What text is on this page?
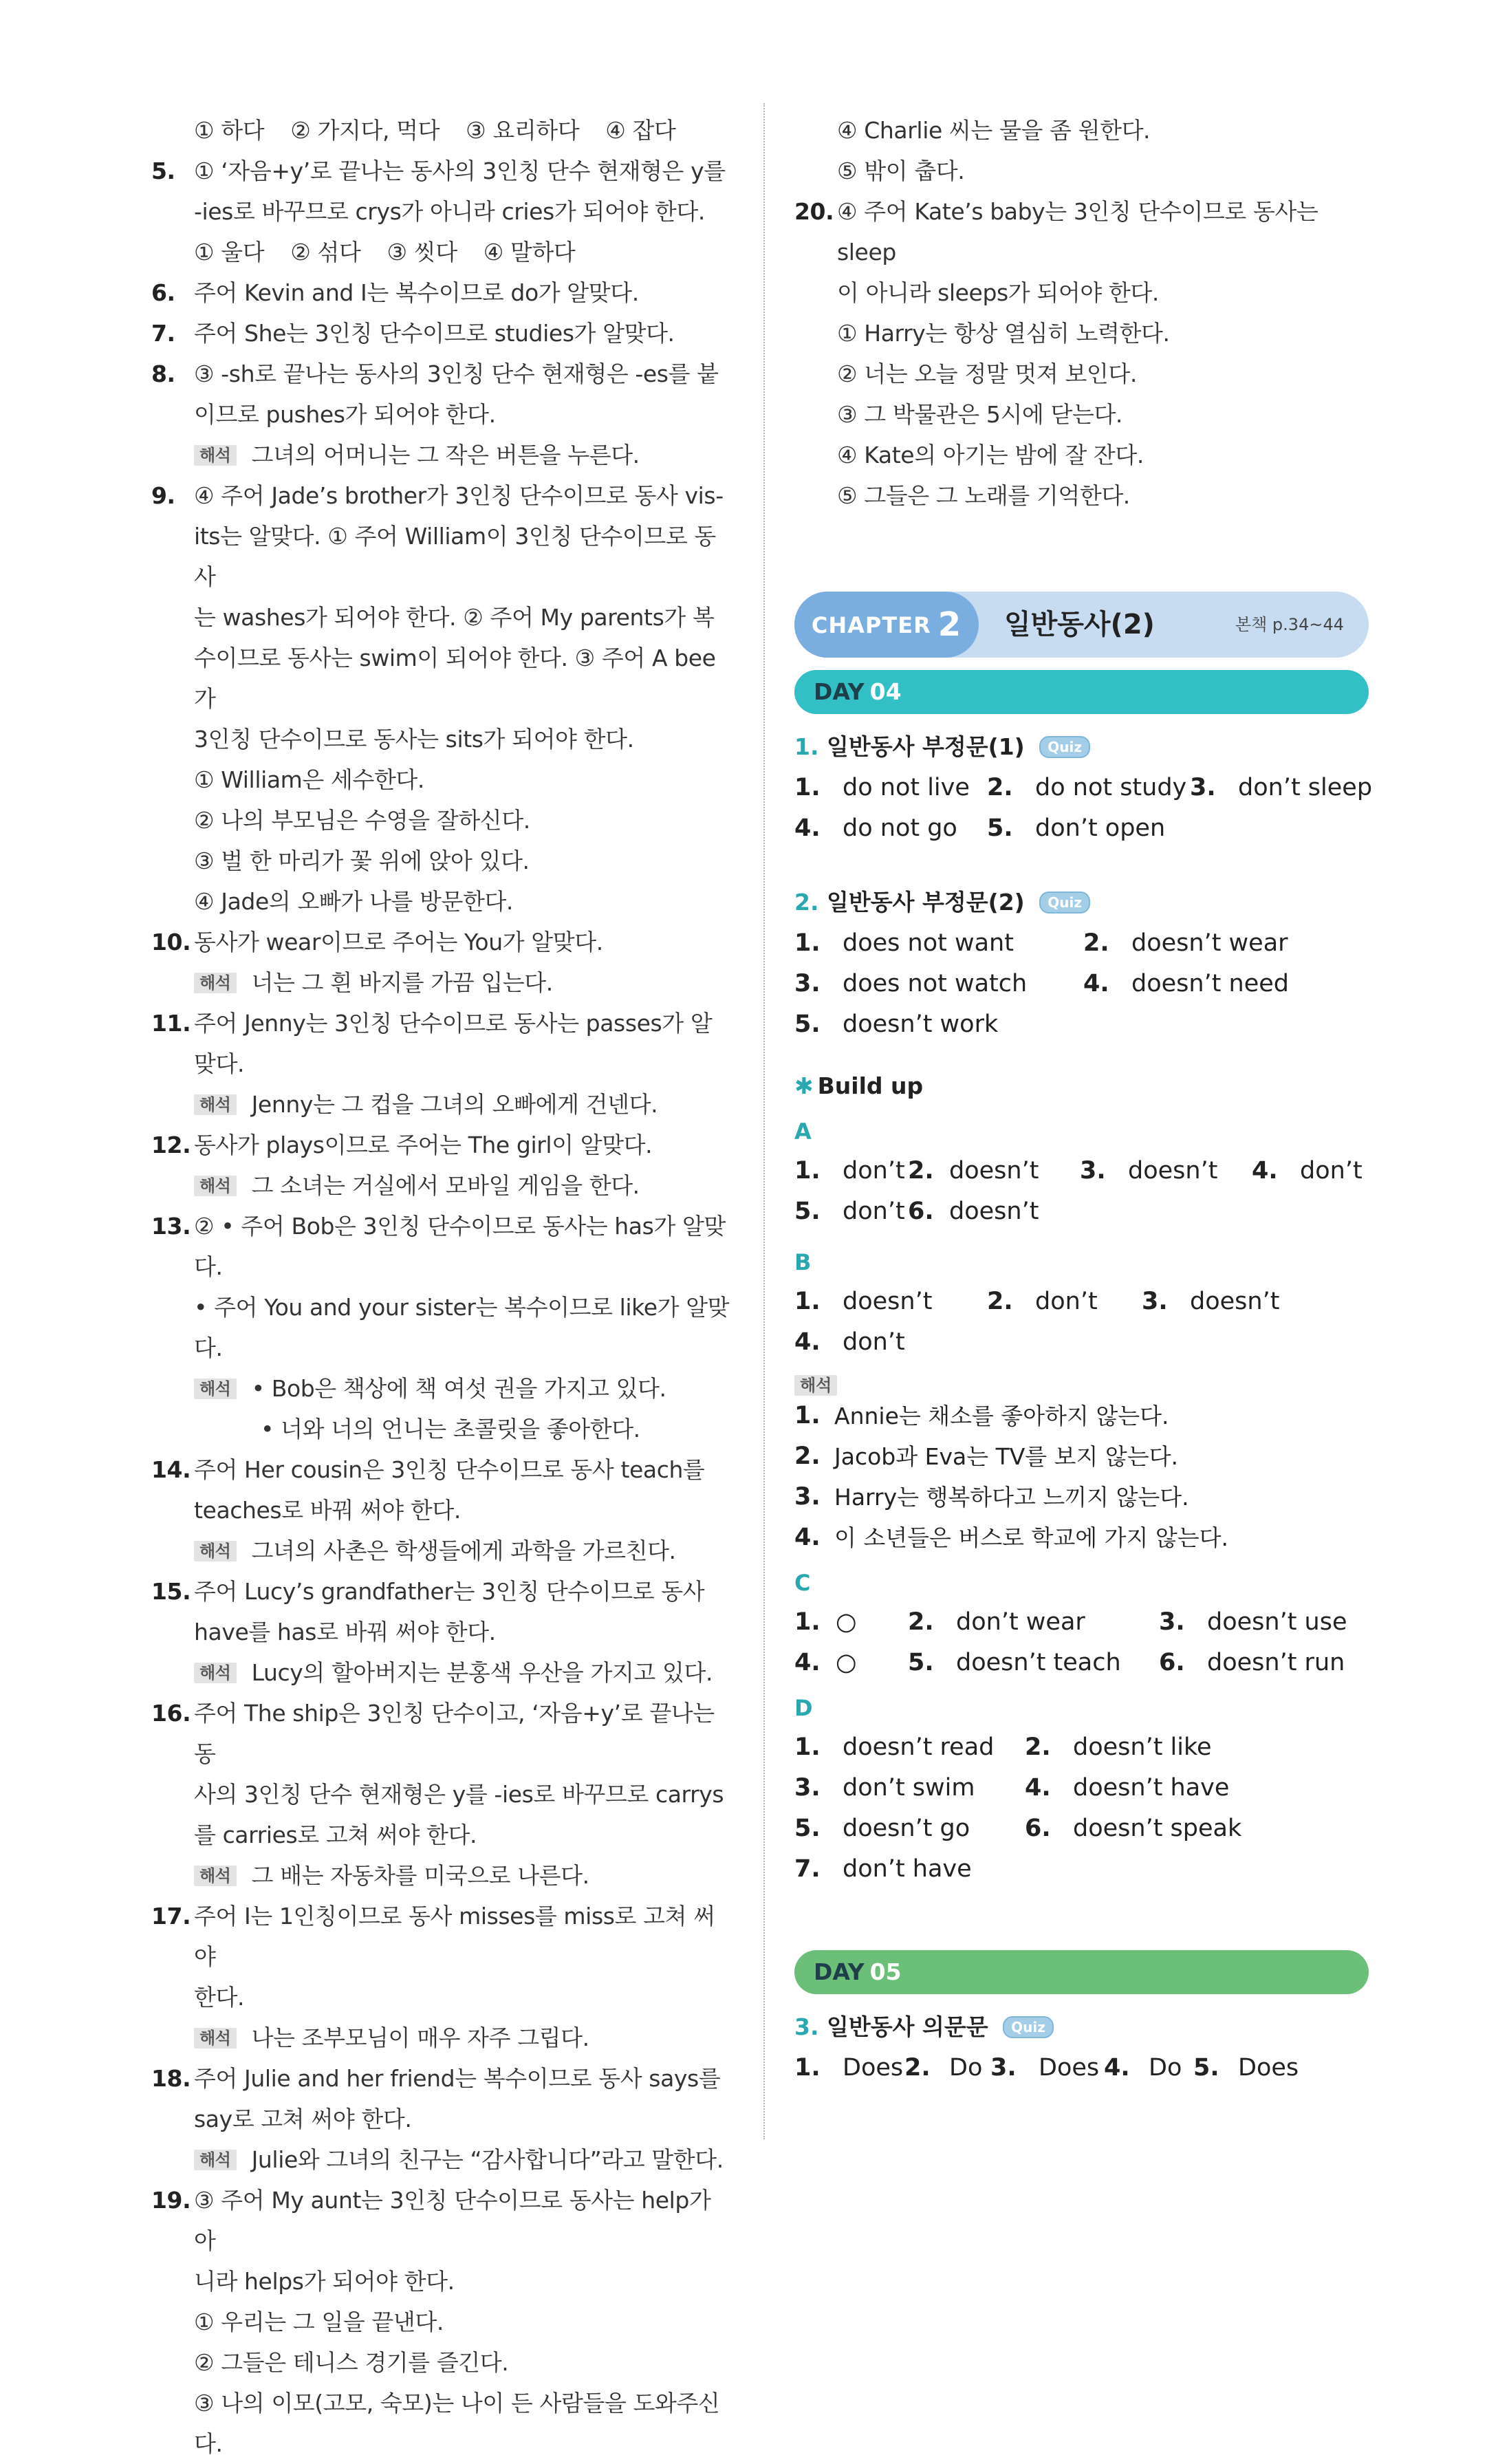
① 하다 ② 가지다, 먹다 ③ 요리하다 ④ 잡다
5. ① ‘자음+y’로 끝나는 동사의 3인칭 단수 현재형은 y를
-ies로 바꾸므로 crys가 아니라 cries가 되어야 한다.
① 울다 ② 섞다 ③ 씻다 ④ 말하다
6. 주어 Kevin and I는 복수이므로 do가 알맞다.
7. 주어 She는 3인칭 단수이므로 studies가 알맞다.
8. ③ -sh로 끝나는 동사의 3인칭 단수 현재형은 -es를 붙
이므로 pushes가 되어야 한다.
해석 그녀의 어머니는 그 작은 버튼을 누른다.
9. ④ 주어 Jade’s brother가 3인칭 단수이므로 동사 vis-
its는 알맞다. ① 주어 William이 3인칭 단수이므로 동사
는 washes가 되어야 한다. ② 주어 My parents가 복
수이므로 동사는 swim이 되어야 한다. ③ 주어 A bee가
3인칭 단수이므로 동사는 sits가 되어야 한다.
① William은 세수한다.
② 나의 부모님은 수영을 잘하신다.
③ 벌 한 마리가 꽃 위에 앉아 있다.
④ Jade의 오빠가 나를 방문한다.
10. 동사가 wear이므로 주어는 You가 알맞다.
해석 너는 그 흰 바지를 가끔 입는다.
11. 주어 Jenny는 3인칭 단수이므로 동사는 passes가 알
맞다.
해석 Jenny는 그 컵을 그녀의 오빠에게 건넨다.
12. 동사가 plays이므로 주어는 The girl이 알맞다.
해석 그 소녀는 거실에서 모바일 게임을 한다.
13. ② • 주어 Bob은 3인칭 단수이므로 동사는 has가 알맞다.
• 주어 You and your sister는 복수이므로 like가 알맞다.
해석 • Bob은 책상에 책 여섯 권을 가지고 있다.
• 너와 너의 언니는 초콜릿을 좋아한다.
14. 주어 Her cousin은 3인칭 단수이므로 동사 teach를
teaches로 바꿔 써야 한다.
해석 그녀의 사촌은 학생들에게 과학을 가르친다.
15. 주어 Lucy’s grandfather는 3인칭 단수이므로 동사
have를 has로 바꿔 써야 한다.
해석 Lucy의 할아버지는 분홍색 우산을 가지고 있다.
16. 주어 The ship은 3인칭 단수이고, ‘자음+y’로 끝나는 동
사의 3인칭 단수 현재형은 y를 -ies로 바꾸므로 carrys
를 carries로 고쳐 써야 한다.
해석 그 배는 자동차를 미국으로 나른다.
17. 주어 I는 1인칭이므로 동사 misses를 miss로 고쳐 써야
한다.
해석 나는 조부모님이 매우 자주 그립다.
18. 주어 Julie and her friend는 복수이므로 동사 says를
say로 고쳐 써야 한다.
해석 Julie와 그녀의 친구는 “감사합니다”라고 말한다.
19. ③ 주어 My aunt는 3인칭 단수이므로 동사는 help가 아
니라 helps가 되어야 한다.
① 우리는 그 일을 끝낸다.
② 그들은 테니스 경기를 즐긴다.
③ 나의 이모(고모, 숙모)는 나이 든 사람들을 도와주신다.
④ Charlie 씨는 물을 좀 원한다.
⑤ 밖이 춥다.
20. ④ 주어 Kate’s baby는 3인칭 단수이므로 동사는 sleep
이 아니라 sleeps가 되어야 한다.
① Harry는 항상 열심히 노력한다.
② 너는 오늘 정말 멋져 보인다.
③ 그 박물관은 5시에 닫는다.
④ Kate의 아기는 밤에 잘 잔다.
⑤ 그들은 그 노래를 기억한다.
CHAPTER 2	일반동사(2)	본책 p.34~44
DAY 04
1. 일반동사 부정문(1) Quiz
1. do not live 2. do not study 3. don’t sleep
4. do not go 5. don’t open
2. 일반동사 부정문(2) Quiz
1. does not want	2. doesn’t wear
3. does not watch 4. doesn’t need
5. doesn’t work
✱ Build up
A
1. don’t 2. doesn’t 3. doesn’t 4. don’t
5. don’t 6. doesn’t
B
1. doesn’t 2. don’t 3. doesn’t
4. don’t
해석
1. Annie는 채소를 좋아하지 않는다.
2. Jacob과 Eva는 TV를 보지 않는다.
3. Harry는 행복하다고 느끼지 않는다.
4. 이 소년들은 버스로 학교에 가지 않는다.
C
1. ○ 2. don’t wear	3. doesn’t use
4. ○ 5. doesn’t teach 6. doesn’t run
D
1. doesn’t read 2. doesn’t like
3. don’t swim 4. doesn’t have
5. doesn’t go 6. doesn’t speak
7. don’t have
DAY 05
3. 일반동사 의문문 Quiz
1. Does 2. Do 3. Does 4. Do 5. Does
